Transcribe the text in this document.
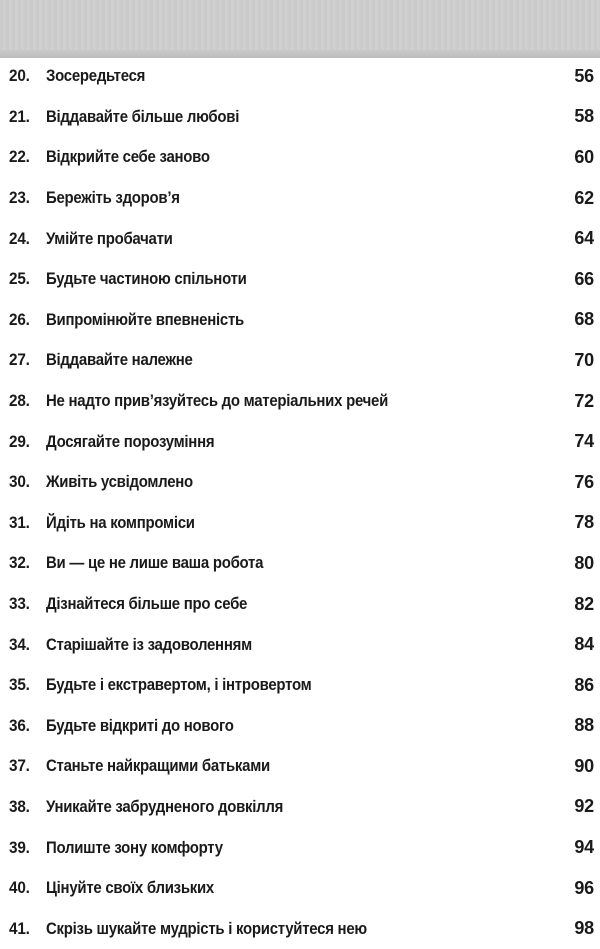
20. Зосередьтеся	56
21. Віддавайте більше любові	58
22. Відкрийте себе заново	60
23. Бережіть здоров’я	62
24. Умійте пробачати	64
25. Будьте частиною спільноти	66
26. Випромінюйте впевненість	68
27. Віддавайте належне	70
28. Не надто прив’язуйтесь до матеріальних речей	72
29. Досягайте порозуміння	74
30. Живіть усвідомлено	76
31. Йдіть на компроміси	78
32. Ви — це не лише ваша робота	80
33. Дізнайтеся більше про себе	82
34. Старішайте із задоволенням	84
35. Будьте і екстравертом, і інтровертом	86
36. Будьте відкриті до нового	88
37. Станьте найкращими батьками	90
38. Уникайте забрудненого довкілля	92
39. Полиште зону комфорту	94
40. Цінуйте своїх близьких	96
41. Скрізь шукайте мудрість і користуйтеся нею	98
